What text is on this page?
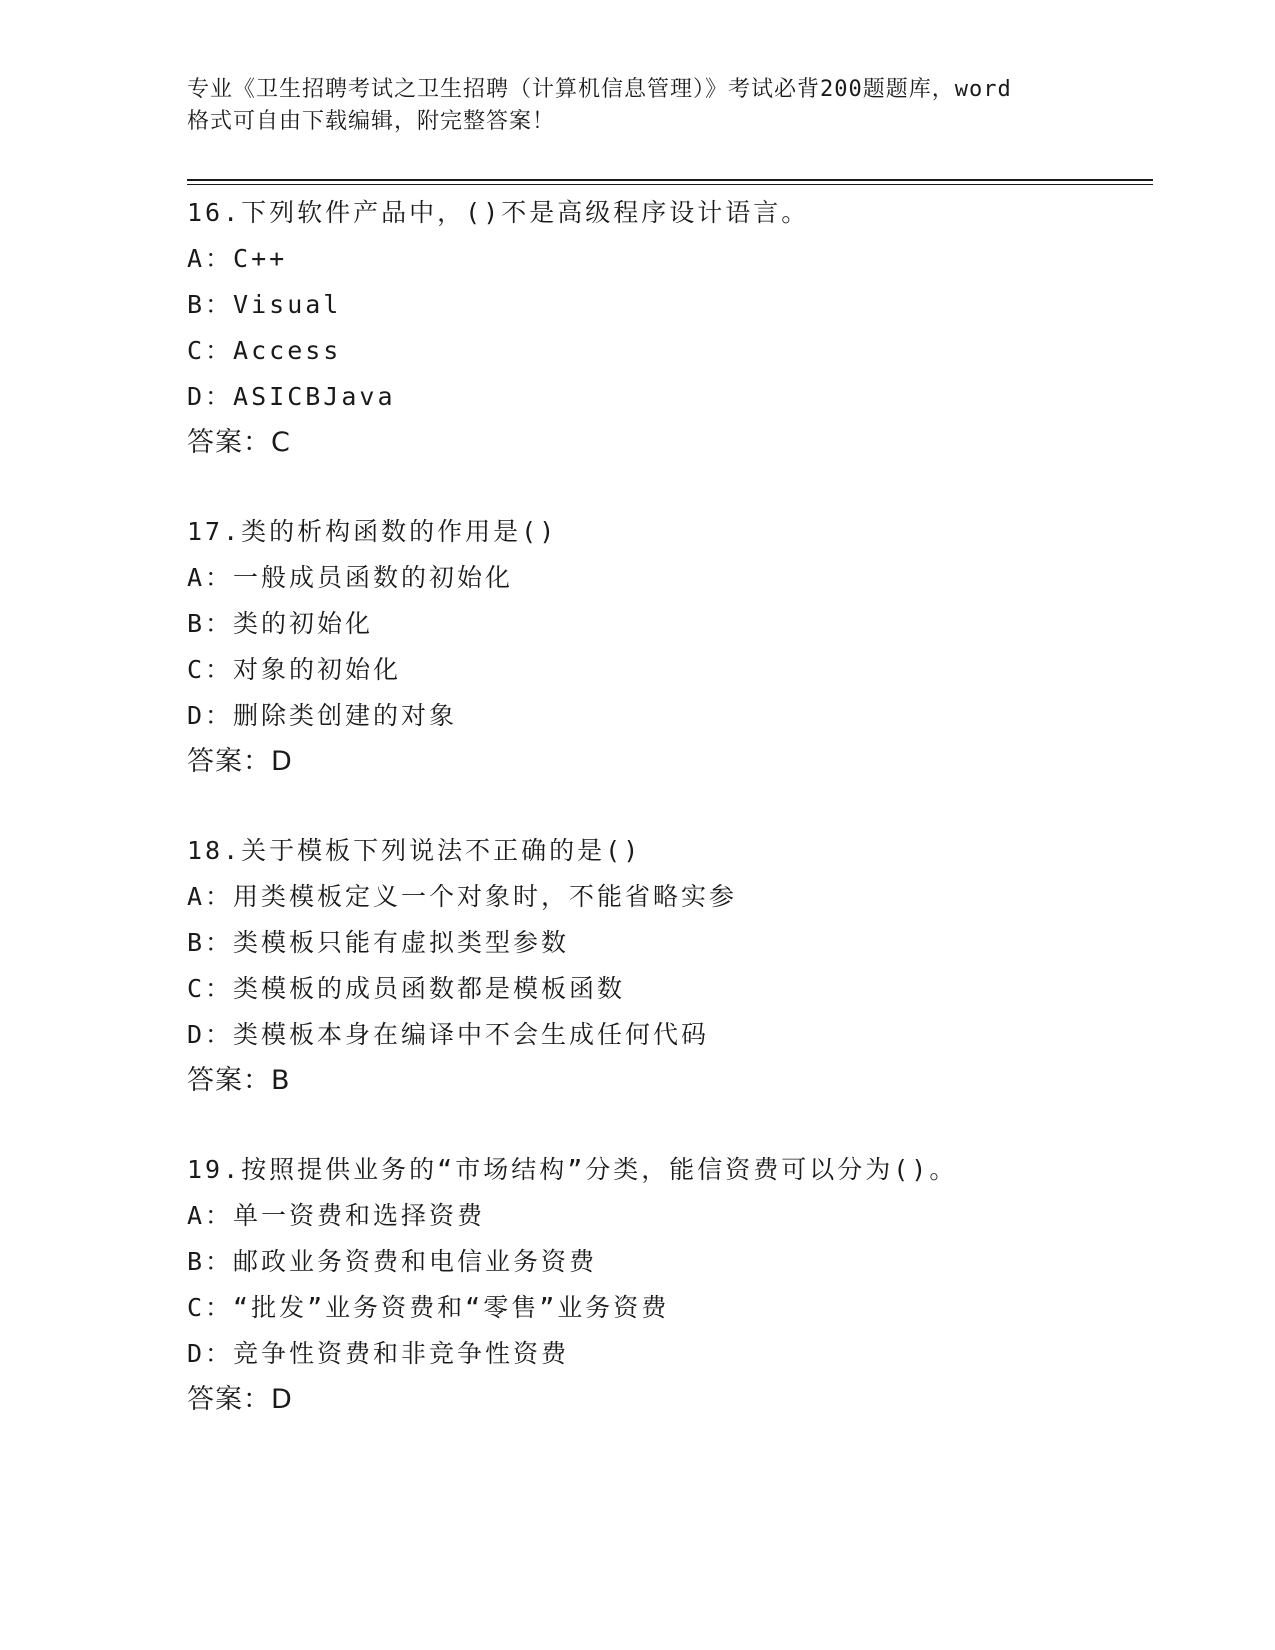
专业《卫生招聘考试之卫生招聘（计算机信息管理）》考试必背200题题库，word
格式可自由下载编辑，附完整答案！
16.下列软件产品中，()不是高级程序设计语言。
A：C++
B：Visual
C：Access
D：ASICBJava
答案：C
17.类的析构函数的作用是()
A：一般成员函数的初始化
B：类的初始化
C：对象的初始化
D：删除类创建的对象
答案：D
18.关于模板下列说法不正确的是()
A：用类模板定义一个对象时，不能省略实参
B：类模板只能有虚拟类型参数
C：类模板的成员函数都是模板函数
D：类模板本身在编译中不会生成任何代码
答案：B
19.按照提供业务的“市场结构”分类，能信资费可以分为()。
A：单一资费和选择资费
B：邮政业务资费和电信业务资费
C：“批发”业务资费和“零售”业务资费
D：竞争性资费和非竞争性资费
答案：D
